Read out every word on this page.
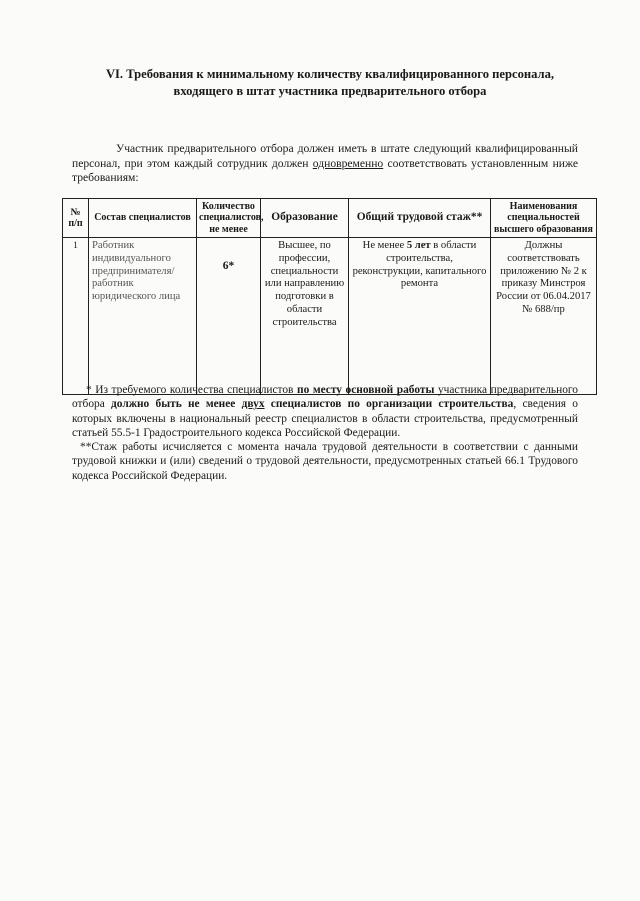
VI. Требования к минимальному количеству квалифицированного персонала,
входящего в штат участника предварительного отбора
Участник предварительного отбора должен иметь в штате следующий квалифицированный персонал, при этом каждый сотрудник должен одновременно соответствовать установленным ниже требованиям:
№ п/п	Состав специалистов	Количество специалистов, не менее	Образование	Общий трудовой стаж**	Наименования специальностей высшего образования
1	Работник индивидуального предпринимателя/ работник юридического лица	6*	Высшее, по профессии, специальности или направлению подготовки в области строительства	Не менее 5 лет в области строительства, реконструкции, капитального ремонта	Должны соответствовать приложению № 2 к приказу Минстроя России от 06.04.2017 № 688/пр

* Из требуемого количества специалистов по месту основной работы участника предварительного отбора должно быть не менее двух специалистов по организации строительства, сведения о которых включены в национальный реестр специалистов в области строительства, предусмотренный статьей 55.5-1 Градостроительного кодекса Российской Федерации.

**Стаж работы исчисляется с момента начала трудовой деятельности в соответствии с данными трудовой книжки и (или) сведений о трудовой деятельности, предусмотренных статьей 66.1 Трудового кодекса Российской Федерации.
